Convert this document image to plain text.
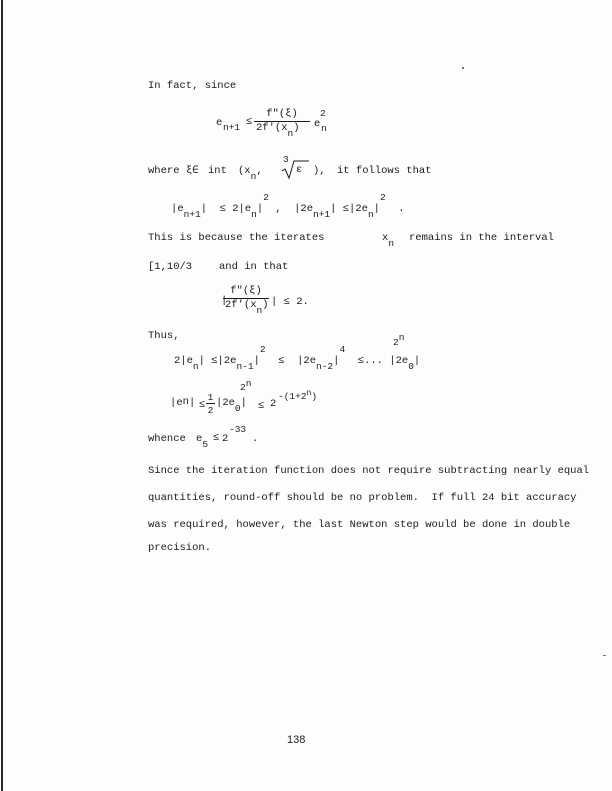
In fact, since
e n+1 ≤
f"(ξ)
2f'(xn) e n
2
where ξ∈ int (xn,
3
ε ), it follows that
|en+1|  ≤ 2|en|2 ,  |2en+1| ≤|2en|2  .
This is because the iterates	xn remains in the interval
[1,10/3	and in that
|
f"(ξ)
2f'(xn) | ≤ 2.
Thus,
2|en| ≤|2en-1|2  ≤  |2en-2|4  ≤... |2e0|
2n
$|en| \le \frac{1}{2} |2e0|$
2n
≤ 2
$-(1+2^n)$
whence e5
≤ 2
-33
.
Since the iteration function does not require subtracting nearly equal
quantities, round-off should be no problem.  If full 24 bit accuracy
was required, however, the last Newton step would be done in double
precision.
138
